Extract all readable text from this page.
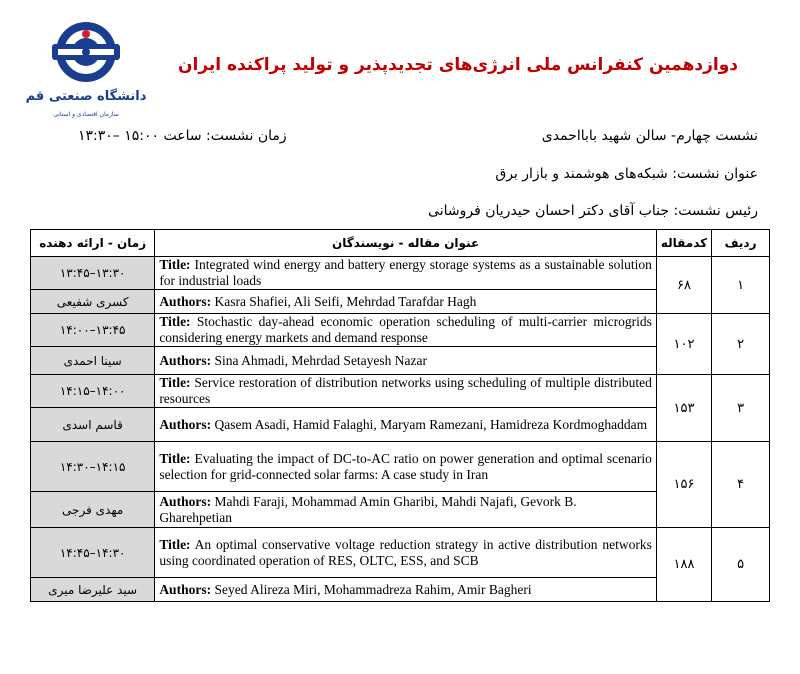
دانشگاه صنعتی قم
سازمان اقتصادی و استانی
دوازدهمین کنفرانس ملی انرژی‌های تجدیدپذیر و تولید پراکنده ایران
نشست چهارم- سالن شهید بابااحمدی
زمان نشست: ساعت ۱۵:۰۰ –۱۳:۳۰
عنوان نشست: شبکه‌های هوشمند و بازار برق
رئیس نشست: جناب آقای دکتر احسان حیدریان فروشانی
زمان - ارائه دهنده	عنوان مقاله - نویسندگان	کدمقاله	ردیف
۱۳:۳۰–۱۳:۴۵	Title: Integrated wind energy and battery energy storage systems as a sustainable solution for industrial loads	۶۸	۱
کسری شفیعی	Authors: Kasra Shafiei, Ali Seifi, Mehrdad Tarafdar Hagh		
۱۳:۴۵–۱۴:۰۰	Title: Stochastic day-ahead economic operation scheduling of multi-carrier microgrids considering energy markets and demand response	۱۰۲	۲
سینا احمدی	Authors: Sina Ahmadi, Mehrdad Setayesh Nazar		
۱۴:۰۰–۱۴:۱۵	Title: Service restoration of distribution networks using scheduling of multiple distributed resources	۱۵۳	۳
قاسم اسدی	Authors: Qasem Asadi, Hamid Falaghi, Maryam Ramezani, Hamidreza Kordmoghaddam		
۱۴:۱۵–۱۴:۳۰	Title: Evaluating the impact of DC-to-AC ratio on power generation and optimal scenario selection for grid-connected solar farms: A case study in Iran	۱۵۶	۴
مهدی فرجی	Authors: Mahdi Faraji, Mohammad Amin Gharibi, Mahdi Najafi, Gevork B. Gharehpetian		
۱۴:۳۰–۱۴:۴۵	Title: An optimal conservative voltage reduction strategy in active distribution networks using coordinated operation of RES, OLTC, ESS, and SCB	۱۸۸	۵
سید علیرضا میری	Authors: Seyed Alireza Miri, Mohammadreza Rahim, Amir Bagheri		
